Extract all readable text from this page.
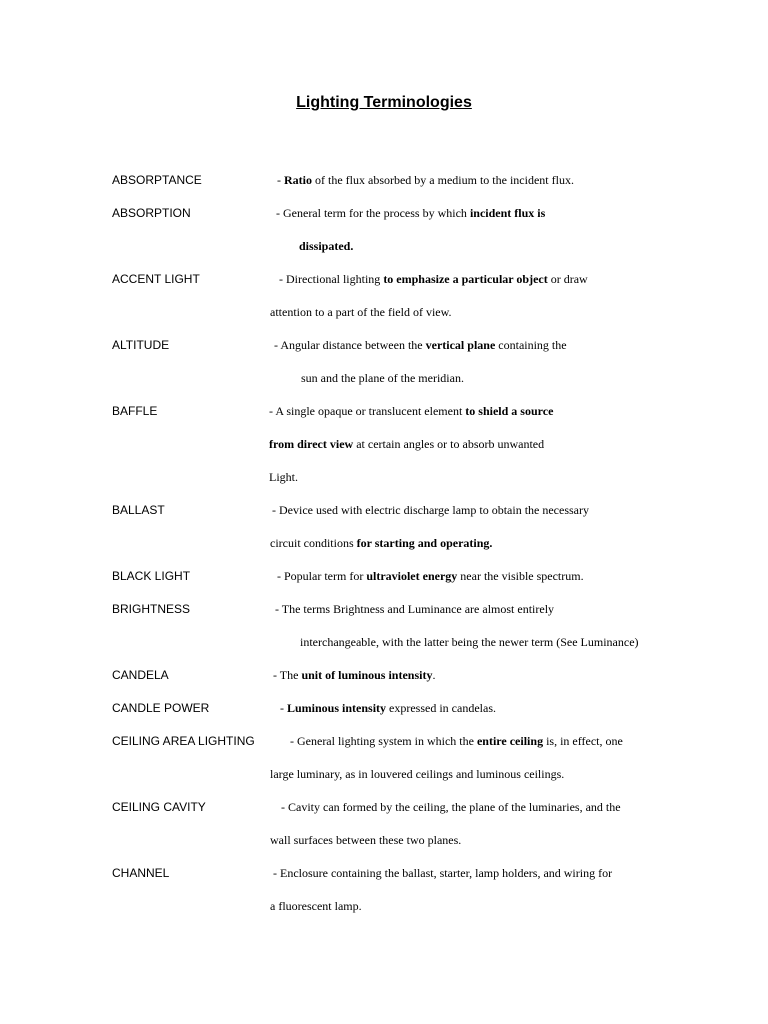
Lighting Terminologies
ABSORPTANCE	- Ratio of the flux absorbed by a medium to the incident flux.
ABSORPTION	- General term for the process by which incident flux is
dissipated.
ACCENT LIGHT	- Directional lighting to emphasize a particular object or draw
attention to a part of the field of view.
ALTITUDE	- Angular distance between the vertical plane containing the
sun and the plane of the meridian.
BAFFLE	- A single opaque or translucent element to shield a source
from direct view at certain angles or to absorb unwanted
Light.
BALLAST	- Device used with electric discharge lamp to obtain the necessary
circuit conditions for starting and operating.
BLACK LIGHT	- Popular term for ultraviolet energy near the visible spectrum.
BRIGHTNESS	- The terms Brightness and Luminance are almost entirely
interchangeable, with the latter being the newer term (See Luminance)
CANDELA	- The unit of luminous intensity.
CANDLE POWER	- Luminous intensity expressed in candelas.
CEILING AREA LIGHTING	- General lighting system in which the entire ceiling is, in effect, one
large luminary, as in louvered ceilings and luminous ceilings.
CEILING CAVITY	- Cavity can formed by the ceiling, the plane of the luminaries, and the
wall surfaces between these two planes.
CHANNEL	- Enclosure containing the ballast, starter, lamp holders, and wiring for
a fluorescent lamp.
